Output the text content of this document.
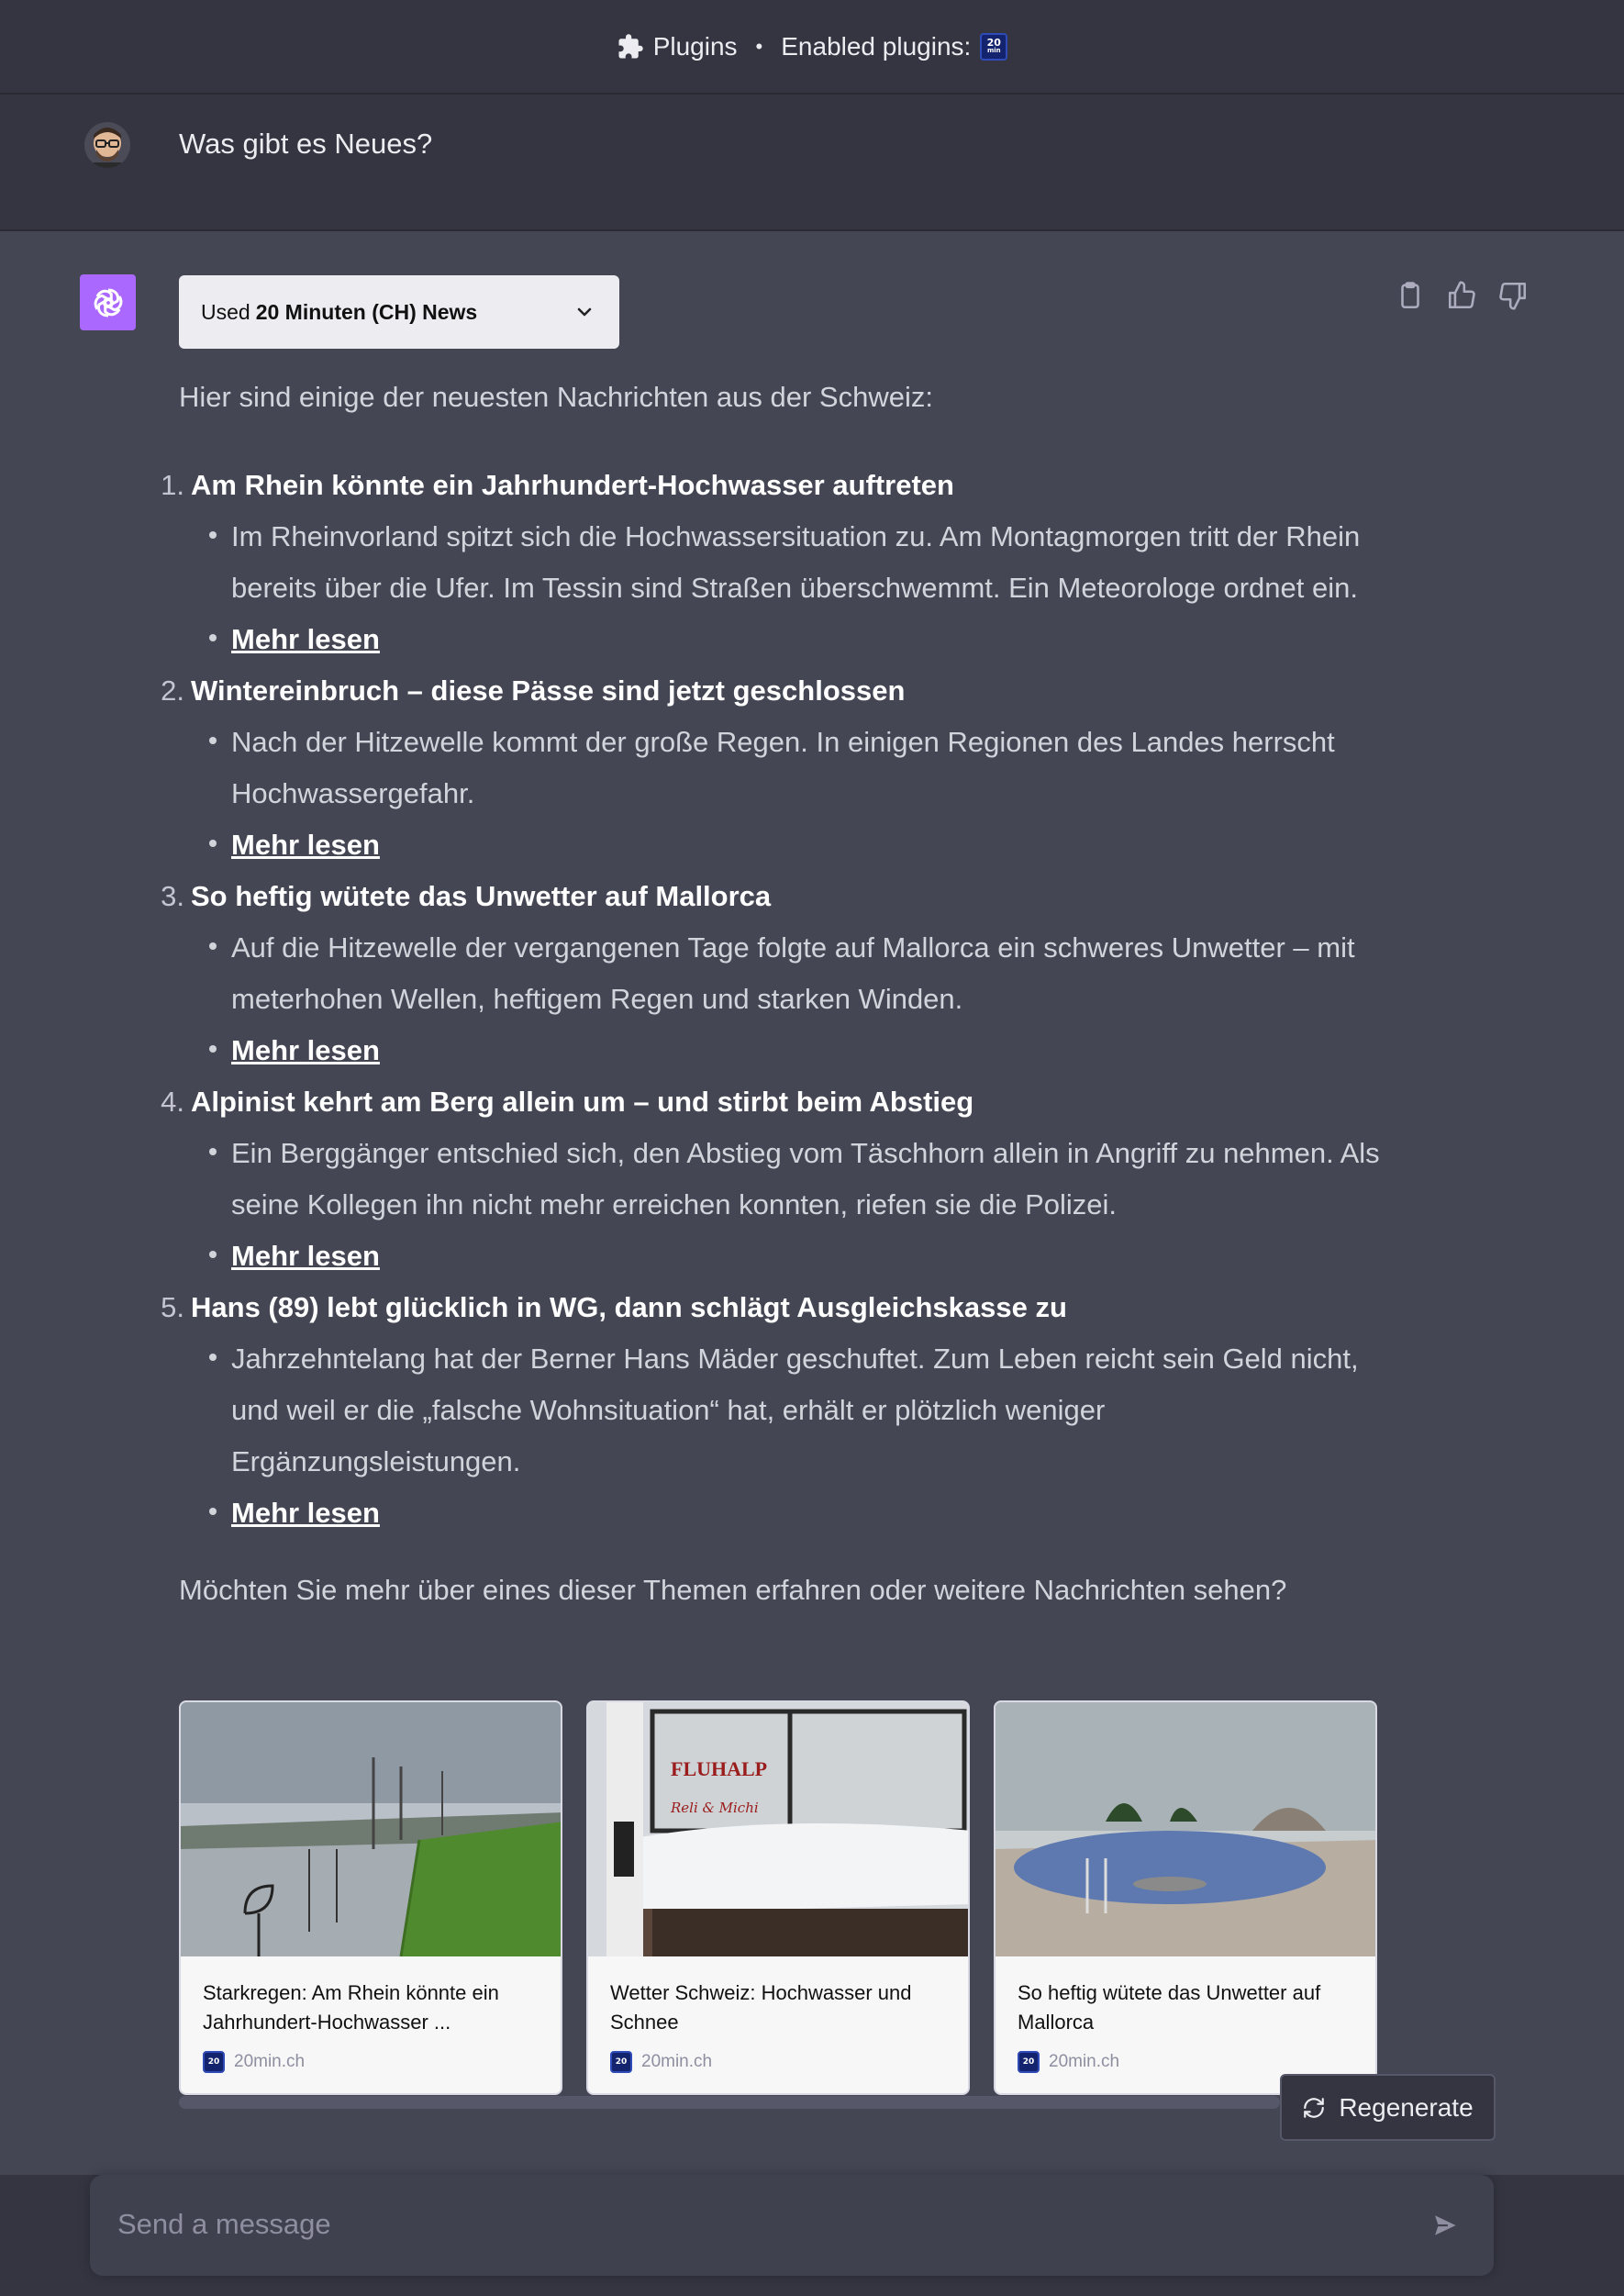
Plugins • Enabled plugins: 20
min
Was gibt es Neues?
Used 20 Minuten (CH) News

Hier sind einige der neuesten Nachrichten aus der Schweiz:

1. Am Rhein könnte ein Jahrhundert-Hochwasser auftreten
Im Rheinvorland spitzt sich die Hochwassersituation zu. Am Montagmorgen tritt der Rhein bereits über die Ufer. Im Tessin sind Straßen überschwemmt. Ein Meteorologe ordnet ein.
Mehr lesen
2. Wintereinbruch – diese Pässe sind jetzt geschlossen
Nach der Hitzewelle kommt der große Regen. In einigen Regionen des Landes herrscht Hochwassergefahr.
Mehr lesen
3. So heftig wütete das Unwetter auf Mallorca
Auf die Hitzewelle der vergangenen Tage folgte auf Mallorca ein schweres Unwetter – mit meterhohen Wellen, heftigem Regen und starken Winden.
Mehr lesen
4. Alpinist kehrt am Berg allein um – und stirbt beim Abstieg
Ein Berggänger entschied sich, den Abstieg vom Täschhorn allein in Angriff zu nehmen. Als seine Kollegen ihn nicht mehr erreichen konnten, riefen sie die Polizei.
Mehr lesen
5. Hans (89) lebt glücklich in WG, dann schlägt Ausgleichskasse zu
Jahrzehntelang hat der Berner Hans Mäder geschuftet. Zum Leben reicht sein Geld nicht, und weil er die „falsche Wohnsituation“ hat, erhält er plötzlich weniger Ergänzungsleistungen.
Mehr lesen

Möchten Sie mehr über eines dieser Themen erfahren oder weitere Nachrichten sehen?

Starkregen: Am Rhein könnte ein Jahrhundert-Hochwasser ...
20 20min.ch
FLUHALP
Reli & Michi
Wetter Schweiz: Hochwasser und Schnee
20 20min.ch
So heftig wütete das Unwetter auf Mallorca
20 20min.ch
Regenerate
Send a message
